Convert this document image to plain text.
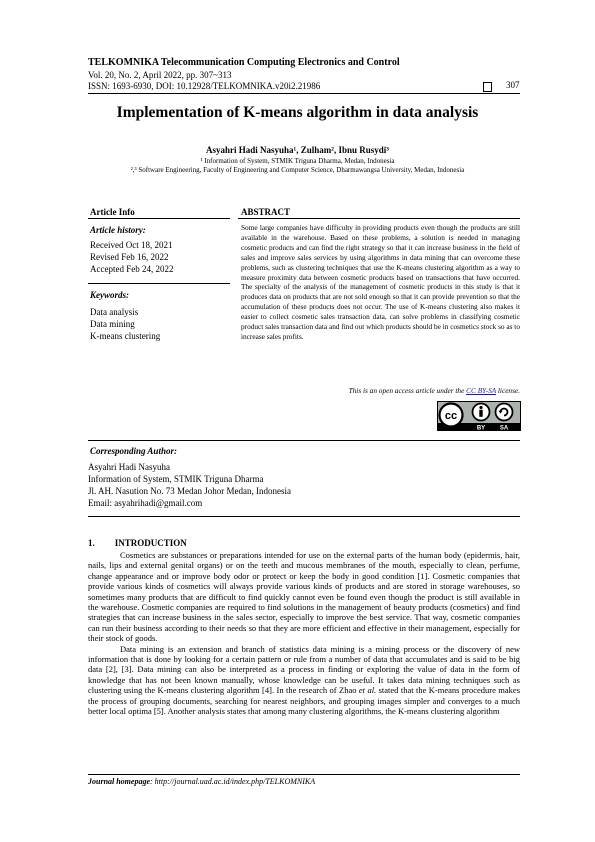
TELKOMNIKA Telecommunication Computing Electronics and Control
Vol. 20, No. 2, April 2022, pp. 307~313
ISSN: 1693-6930, DOI: 10.12928/TELKOMNIKA.v20i2.21986	307
Implementation of K-means algorithm in data analysis
Asyahri Hadi Nasyuha¹, Zulham², Ibnu Rusydi³
¹ Information of System, STMIK Triguna Dharma, Medan, Indonesia
²,³ Software Engineering, Faculty of Engineering and Computer Science, Dharmawangsa University, Medan, Indonesia
Article Info
Article history:
Received Oct 18, 2021
Revised Feb 16, 2022
Accepted Feb 24, 2022
Keywords:
Data analysis
Data mining
K-means clustering
ABSTRACT
Some large companies have difficulty in providing products even though the products are still available in the warehouse. Based on these problems, a solution is needed in managing cosmetic products and can find the right strategy so that it can increase business in the field of sales and improve sales services by using algorithms in data mining that can overcome these problems, such as clustering techniques that use the K-means clustering algorithm as a way to measure proximity data between cosmetic products based on transactions that have occurred. The specialty of the analysis of the management of cosmetic products in this study is that it produces data on products that are not sold enough so that it can provide prevention so that the accumulation of these products does not occur. The use of K-means clustering also makes it easier to collect cosmetic sales transaction data, can solve problems in classifying cosmetic product sales transaction data and find out which products should be in cosmetics stock so as to increase sales profits.
This is an open access article under the CC BY-SA license.
cc
BY SA
Corresponding Author:
Asyahri Hadi Nasyuha
Information of System, STMIK Triguna Dharma
Jl. AH. Nasution No. 73 Medan Johor Medan, Indonesia
Email: asyahrihadi@gmail.com
1. INTRODUCTION

Cosmetics are substances or preparations intended for use on the external parts of the human body (epidermis, hair, nails, lips and external genital organs) or on the teeth and mucous membranes of the mouth, especially to clean, perfume, change appearance and or improve body odor or protect or keep the body in good condition [1]. Cosmetic companies that provide various kinds of cosmetics will always provide various kinds of products and are stored in storage warehouses, so sometimes many products that are difficult to find quickly cannot even be found even though the product is still available in the warehouse. Cosmetic companies are required to find solutions in the management of beauty products (cosmetics) and find strategies that can increase business in the sales sector, especially to improve the best service. That way, cosmetic companies can run their business according to their needs so that they are more efficient and effective in their management, especially for their stock of goods.

Data mining is an extension and branch of statistics data mining is a mining process or the discovery of new information that is done by looking for a certain pattern or rule from a number of data that accumulates and is said to be big data [2], [3]. Data mining can also be interpreted as a process in finding or exploring the value of data in the form of knowledge that has not been known manually, whose knowledge can be useful. It takes data mining techniques such as clustering using the K-means clustering algorithm [4]. In the research of Zhao et al. stated that the K-means procedure makes the process of grouping documents, searching for nearest neighbors, and grouping images simpler and converges to a much better local optima [5]. Another analysis states that among many clustering algorithms, the K-means clustering algorithm

Journal homepage: http://journal.uad.ac.id/index.php/TELKOMNIKA
